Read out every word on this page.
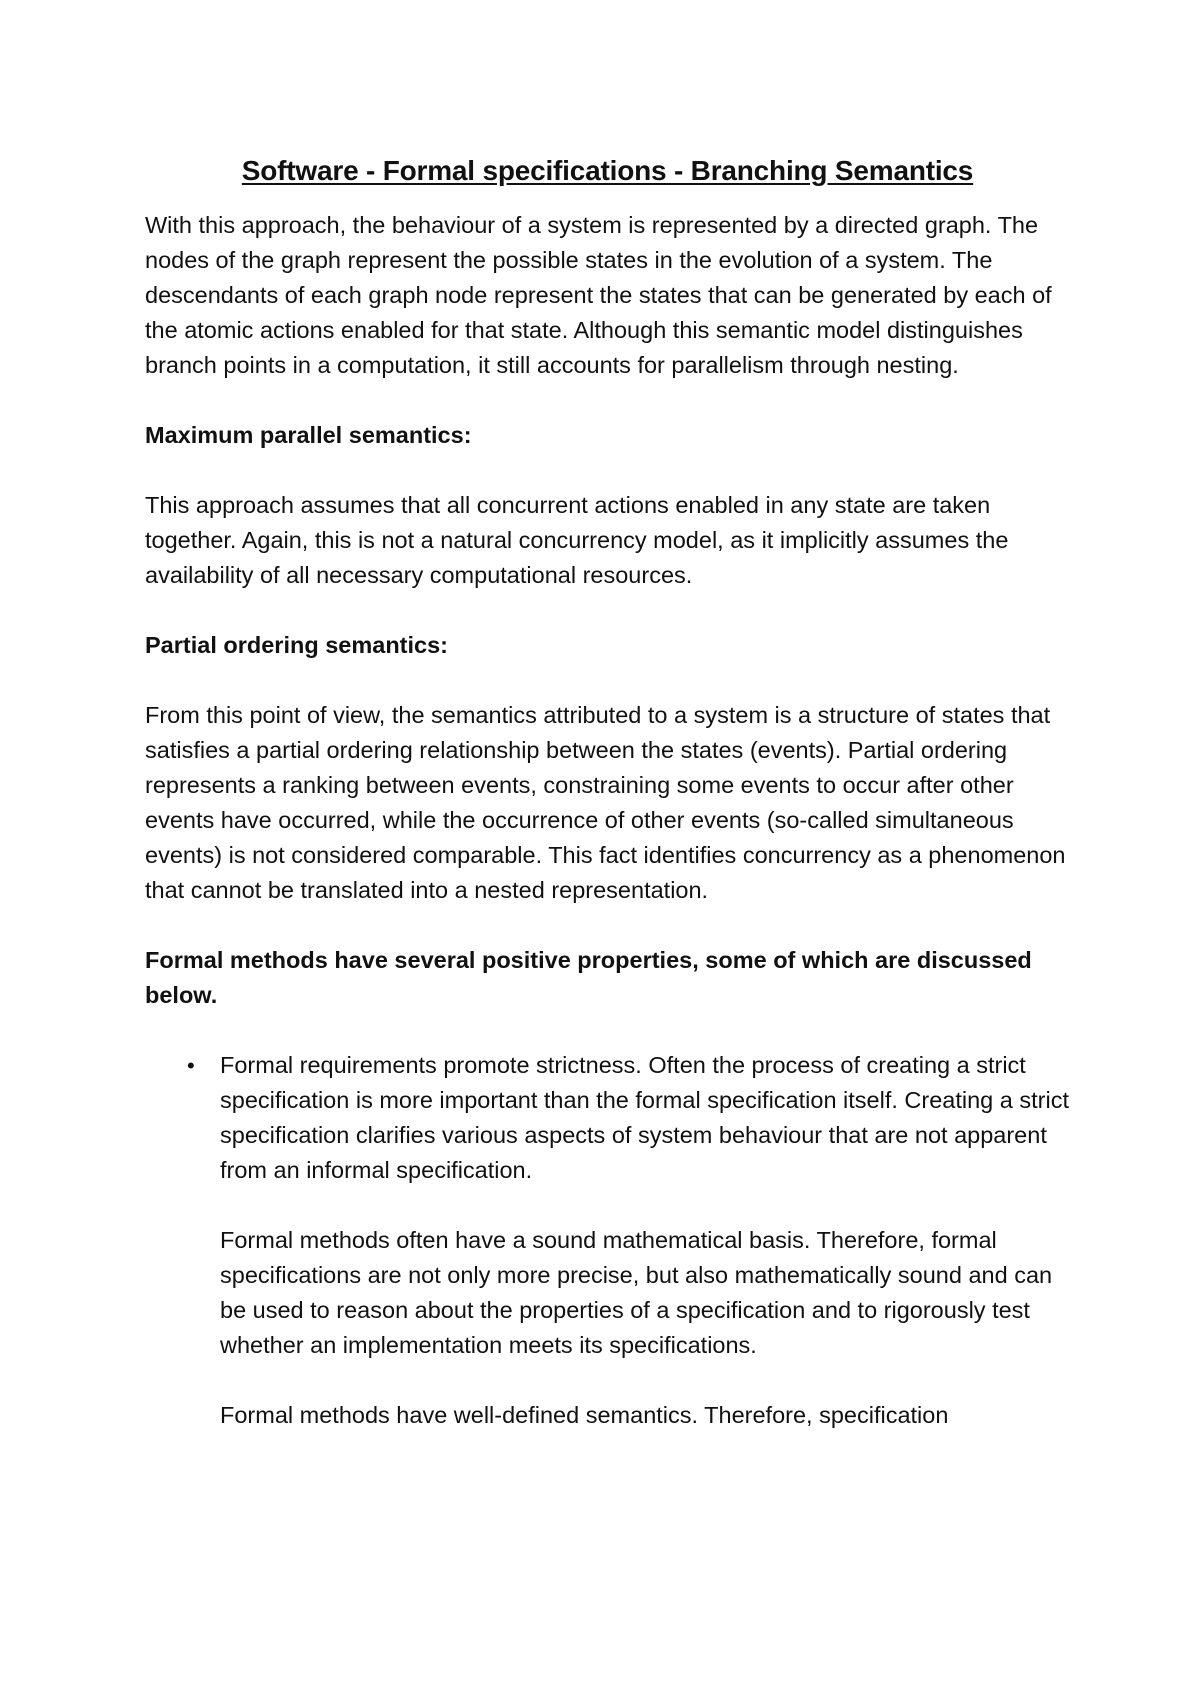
Software - Formal specifications - Branching Semantics

With this approach, the behaviour of a system is represented by a directed graph. The nodes of the graph represent the possible states in the evolution of a system. The descendants of each graph node represent the states that can be generated by each of the atomic actions enabled for that state. Although this semantic model distinguishes branch points in a computation, it still accounts for parallelism through nesting.

Maximum parallel semantics:

This approach assumes that all concurrent actions enabled in any state are taken together. Again, this is not a natural concurrency model, as it implicitly assumes the availability of all necessary computational resources.

Partial ordering semantics:

From this point of view, the semantics attributed to a system is a structure of states that satisfies a partial ordering relationship between the states (events). Partial ordering represents a ranking between events, constraining some events to occur after other events have occurred, while the occurrence of other events (so-called simultaneous events) is not considered comparable. This fact identifies concurrency as a phenomenon that cannot be translated into a nested representation.

Formal methods have several positive properties, some of which are discussed below.
• Formal requirements promote strictness. Often the process of creating a strict specification is more important than the formal specification itself. Creating a strict specification clarifies various aspects of system behaviour that are not apparent from an informal specification.
Formal methods often have a sound mathematical basis. Therefore, formal specifications are not only more precise, but also mathematically sound and can be used to reason about the properties of a specification and to rigorously test whether an implementation meets its specifications.
Formal methods have well-defined semantics. Therefore, specification
